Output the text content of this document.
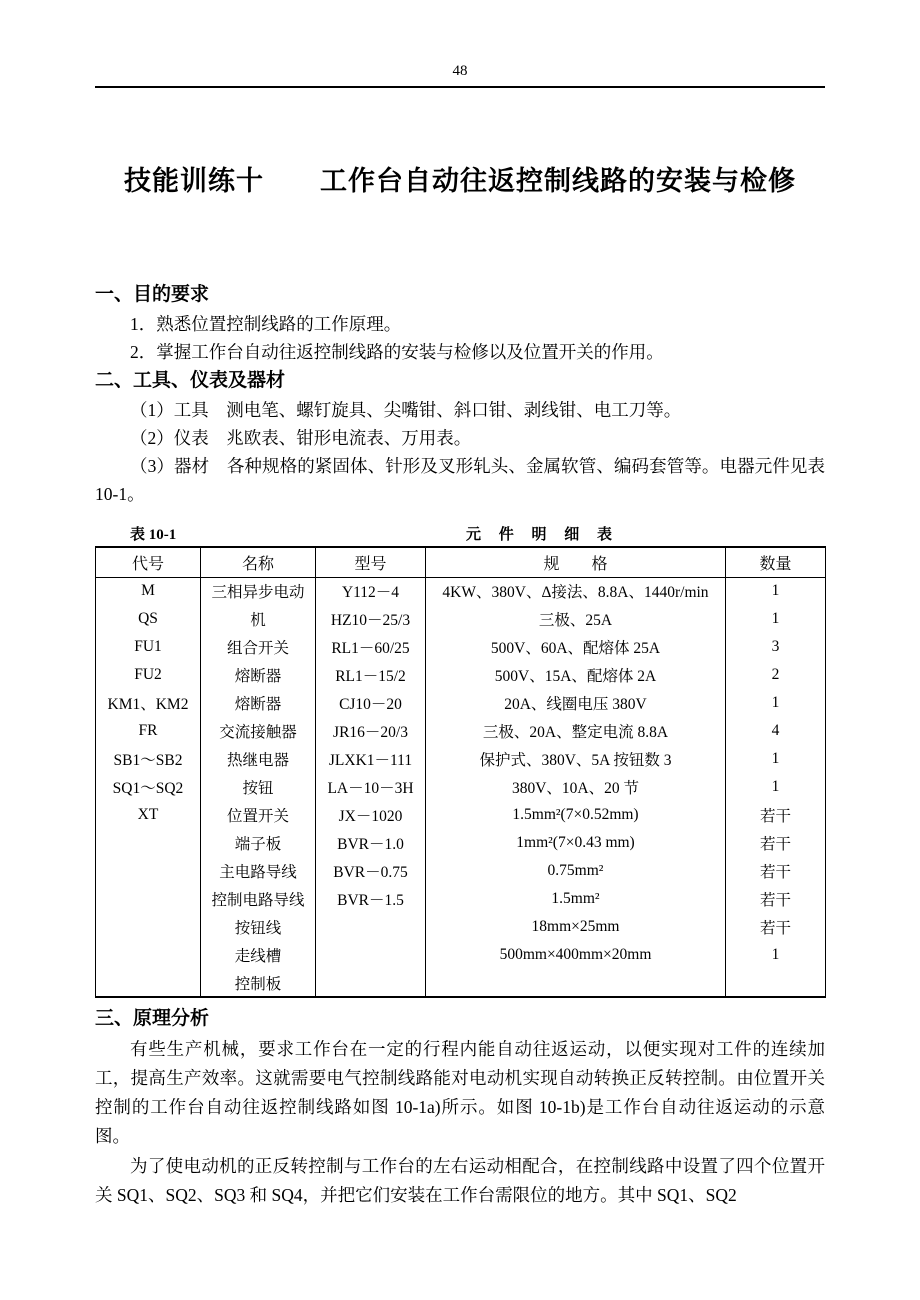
48
技能训练十　　工作台自动往返控制线路的安装与检修
一、目的要求

1．熟悉位置控制线路的工作原理。

2．掌握工作台自动往返控制线路的安装与检修以及位置开关的作用。

二、工具、仪表及器材

（1）工具　测电笔、螺钉旋具、尖嘴钳、斜口钳、剥线钳、电工刀等。

（2）仪表　兆欧表、钳形电流表、万用表。

（3）器材　各种规格的紧固体、针形及叉形轧头、金属软管、编码套管等。电器元件见表 10-1。

表 10-1	元 件 明 细 表
代号	名称	型号	规　　格	数量
M	三相异步电动	Y112－4	4KW、380V、Δ接法、8.8A、1440r/min	1
QS	机	HZ10－25/3	三极、25A	1
FU1	组合开关	RL1－60/25	500V、60A、配熔体 25A	3
FU2	熔断器	RL1－15/2	500V、15A、配熔体 2A	2
KM1、KM2	熔断器	CJ10－20	20A、线圈电压 380V	1
FR	交流接触器	JR16－20/3	三极、20A、整定电流 8.8A	4
SB1～SB2	热继电器	JLXK1－111	保护式、380V、5A 按钮数 3	1
SQ1～SQ2	按钮	LA－10－3H	380V、10A、20 节	1
XT	位置开关	JX－1020	1.5mm²(7×0.52mm)	若干
	端子板	BVR－1.0	1mm²(7×0.43 mm)	若干
	主电路导线	BVR－0.75	0.75mm²	若干
	控制电路导线	BVR－1.5	1.5mm²	若干
	按钮线		18mm×25mm	若干
	走线槽		500mm×400mm×20mm	1
	控制板			
三、原理分析

有些生产机械，要求工作台在一定的行程内能自动往返运动，以便实现对工件的连续加工，提高生产效率。这就需要电气控制线路能对电动机实现自动转换正反转控制。由位置开关控制的工作台自动往返控制线路如图 10-1a)所示。如图 10-1b)是工作台自动往返运动的示意图。

为了使电动机的正反转控制与工作台的左右运动相配合，在控制线路中设置了四个位置开关 SQ1、SQ2、SQ3 和 SQ4，并把它们安装在工作台需限位的地方。其中 SQ1、SQ2
